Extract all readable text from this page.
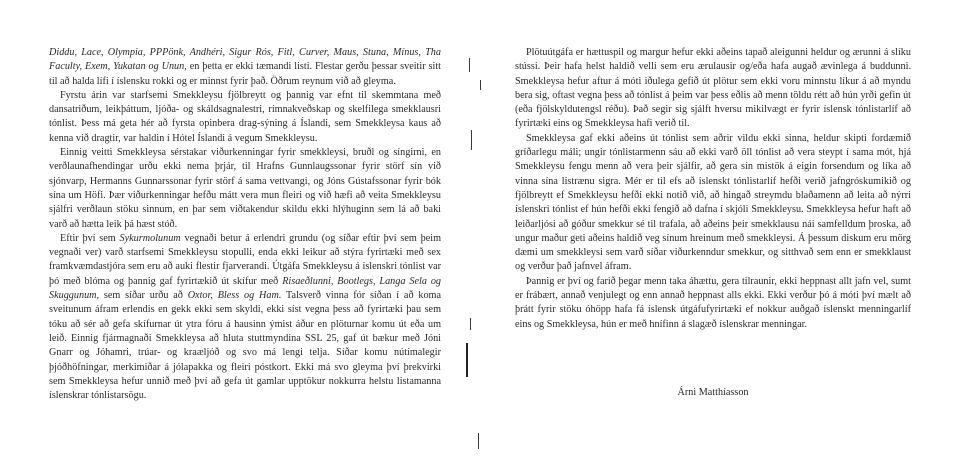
Diddu, Lace, Olympia, PPPönk, Andhéri, Sigur Rós, Fitl, Curver, Maus, Stuna, Mínus, Tha Faculty, Exem, Yukatan og Unun, en þetta er ekki tæmandi listi. Flestar gerðu þessar sveitir sitt til að halda lífi í íslensku rokki og er minnst fyrir það. Öðrum reynum við að gleyma.

Fyrstu árin var starfsemi Smekkleysu fjölbreytt og þannig var efnt til skemmtana með dansatriðum, leikþáttum, ljóða- og skáldsagnalestri, rímnakveðskap og skelfilega smekklausri tónlist. Þess má geta hér að fyrsta opinbera drag-sýning á Íslandi, sem Smekkleysa kaus að kenna við dragtir, var haldin í Hótel Íslandi á vegum Smekkleysu.

Einnig veitti Smekkleysa sérstakar viðurkenningar fyrir smekkleysi, bruðl og síngirni, en verðlaunafhendingar urðu ekki nema þrjár, til Hrafns Gunnlaugssonar fyrir störf sín við sjónvarp, Hermanns Gunnarssonar fyrir störf á sama vettvangi, og Jóns Gústafssonar fyrir bók sína um Höfi. Þær viðurkenningar hefðu mátt vera mun fleiri og við hæfi að veita Smekkleysu sjálfri verðlaun stöku sinnum, en þar sem viðtakendur skildu ekki hlýhuginn sem lá að baki varð að hætta leik þá hæst stóð.

Eftir því sem Sykurmolunum vegnaði betur á erlendri grundu (og síðar eftir því sem þeim vegnaði ver) varð starfsemi Smekkleysu stopulli, enda ekki leikur að stýra fyrirtæki með sex framkvæmdastjóra sem eru að auki flestir fjarverandi. Útgáfa Smekkleysu á íslenskri tónlist var þó með blóma og þannig gaf fyrirtækið út skífur með Risaeðlunni, Bootlegs, Langa Sela og Skuggunum, sem síðar urðu að Oxtor, Bless og Ham. Talsverð vinna fór síðan í að koma sveitunum áfram erlendis en gekk ekki sem skyldi, ekki síst vegna þess að fyrirtæki þau sem tóku að sér að gefa skífurnar út ytra fóru á hausinn ýmist áður en plöturnar komu út eða um leið. Einnig fjármagnaði Smekkleysa að hluta stuttmyndina SSL 25, gaf út bækur með Jóni Gnarr og Jóhamri, trúar- og kraæljóð og svo má lengi telja. Síðar komu nútímalegir þjóðhöfningar, merkimiðar á jólapakka og fleiri póstkort. Ekki má svo gleyma því þrekvirki sem Smekkleysa hefur unnið með því að gefa út gamlar upptökur nokkurra helstu listamanna íslenskrar tónlistarsögu.

Plötuútgáfa er hættuspil og margur hefur ekki aðeins tapað aleigunni heldur og ærunni á slíku stússi. Þeir hafa helst haldið velli sem eru ærulausir og/eða hafa augað ævinlega á buddunni. Smekkleysa hefur aftur á móti iðulega gefið út plötur sem ekki voru minnstu líkur á að myndu bera sig, oftast vegna þess að tónlist á þeim var þess eðlis að menn töldu rétt að hún yrði gefin út (eða fjölskyldutengsl réðu). Það segir sig sjálft hversu mikilvægt er fyrir íslensk tónlistarlíf að fyrirtæki eins og Smekkleysa hafi verið til.

Smekkleysa gaf ekki aðeins út tónlist sem aðrir vildu ekki sinna, heldur skipti fordæmið gríðarlegu máli; ungir tónlistarmenn sáu að ekki varð öll tónlist að vera steypt í sama mót, hjá Smekkleysu fengu menn að vera þeir sjálfir, að gera sín mistök á eigin forsendum og líka að vinna sína listrænu sigra. Mér er til efs að íslenskt tónlistarlíf hefði verið jafngróskumikið og fjölbreytt ef Smekkleysu hefði ekki notið við, að hingað streymdu blaðamenn að leita að nýrri íslenskri tónlist ef hún hefði ekki fengið að dafna í skjóli Smekkleysu. Smekkleysa hefur haft að leiðarljósi að góður smekkur sé til trafala, að aðeins þeir smekklausu nái samfelldum þroska, að ungur maður geti aðeins haldið veg sínum hreinum með smekkleysi. Á þessum diskum eru mörg dæmi um smekkleysi sem varð síðar viðurkenndur smekkur, og sitthvað sem enn er smekklaust og verður það jafnvel áfram.

Þannig er því og farið þegar menn taka áhættu, gera tilraunir, ekki heppnast allt jafn vel, sumt er frábært, annað venjulegt og enn annað heppnast alls ekki. Ekki verður þó á móti því mælt að þrátt fyrir stöku óhöpp hafa fá íslensk útgáfufyrirtæki ef nokkur auðgað íslenskt menningarlíf eins og Smekkleysa, hún er með hnífinn á slagæð íslenskrar menningar.

Árni Matthíasson
